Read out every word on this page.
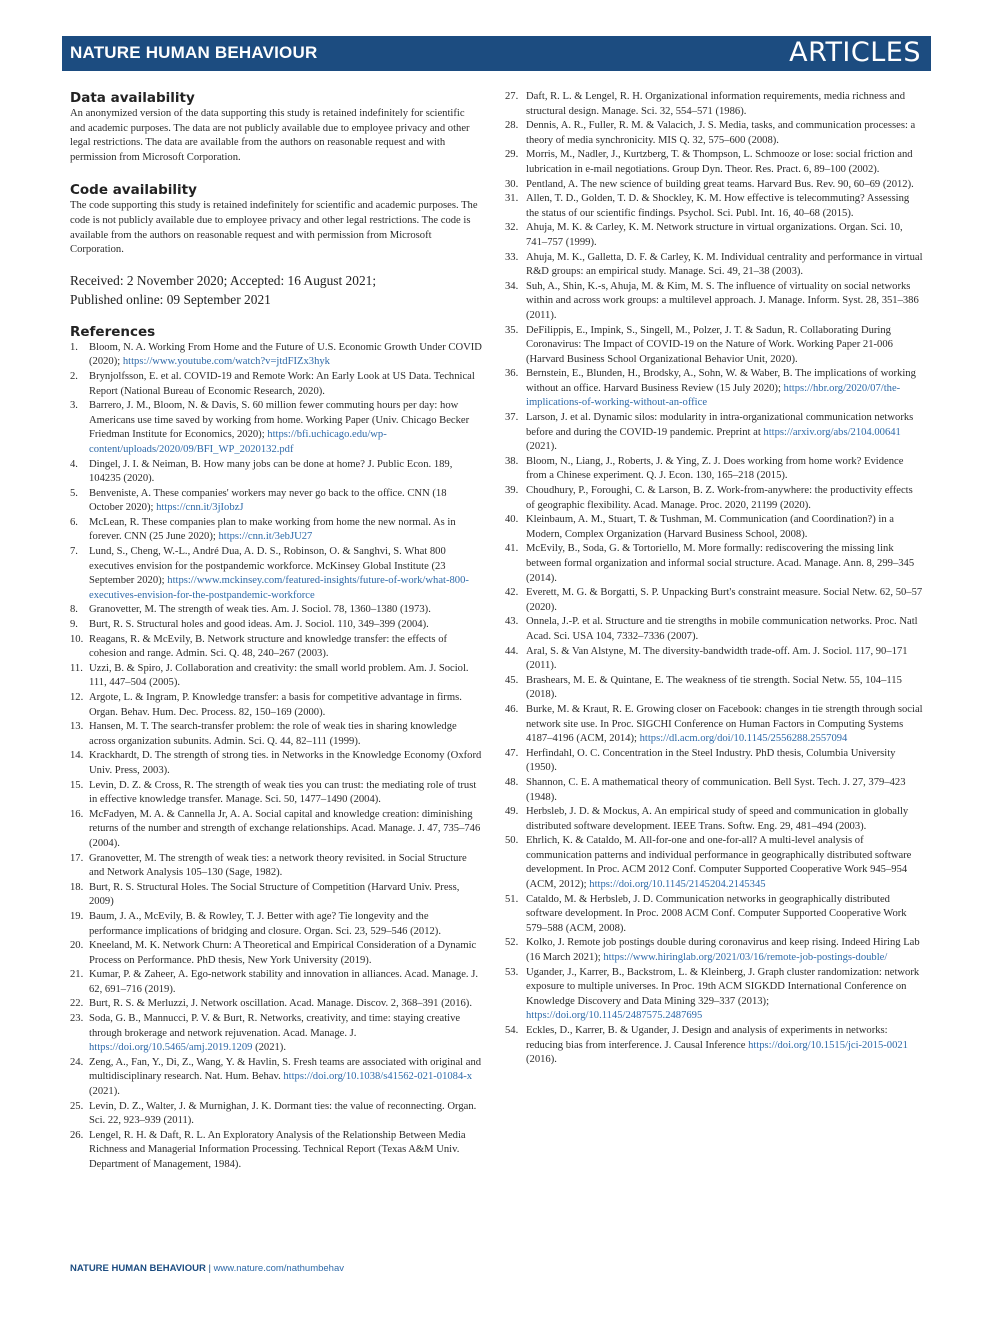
NATURE HUMAN BEHAVIOUR	ARTICLES
Data availability

An anonymized version of the data supporting this study is retained indefinitely for scientific and academic purposes. The data are not publicly available due to employee privacy and other legal restrictions. The data are available from the authors on reasonable request and with permission from Microsoft Corporation.

Code availability

The code supporting this study is retained indefinitely for scientific and academic purposes. The code is not publicly available due to employee privacy and other legal restrictions. The code is available from the authors on reasonable request and with permission from Microsoft Corporation.

Received: 2 November 2020; Accepted: 16 August 2021;

Published online: 09 September 2021

References
1. Bloom, N. A. Working From Home and the Future of U.S. Economic Growth Under COVID (2020); https://www.youtube.com/watch?v=jtdFIZx3hyk
2. Brynjolfsson, E. et al. COVID-19 and Remote Work: An Early Look at US Data. Technical Report (National Bureau of Economic Research, 2020).
3. Barrero, J. M., Bloom, N. & Davis, S. 60 million fewer commuting hours per day: how Americans use time saved by working from home. Working Paper (Univ. Chicago Becker Friedman Institute for Economics, 2020); https://bfi.uchicago.edu/wp-content/uploads/2020/09/BFI_WP_2020132.pdf
4. Dingel, J. I. & Neiman, B. How many jobs can be done at home? J. Public Econ. 189, 104235 (2020).
5. Benveniste, A. These companies' workers may never go back to the office. CNN (18 October 2020); https://cnn.it/3jIobzJ
6. McLean, R. These companies plan to make working from home the new normal. As in forever. CNN (25 June 2020); https://cnn.it/3ebJU27
7. Lund, S., Cheng, W.-L., André Dua, A. D. S., Robinson, O. & Sanghvi, S. What 800 executives envision for the postpandemic workforce. McKinsey Global Institute (23 September 2020); https://www.mckinsey.com/featured-insights/future-of-work/what-800-executives-envision-for-the-postpandemic-workforce
8. Granovetter, M. The strength of weak ties. Am. J. Sociol. 78, 1360–1380 (1973).
9. Burt, R. S. Structural holes and good ideas. Am. J. Sociol. 110, 349–399 (2004).
10. Reagans, R. & McEvily, B. Network structure and knowledge transfer: the effects of cohesion and range. Admin. Sci. Q. 48, 240–267 (2003).
11. Uzzi, B. & Spiro, J. Collaboration and creativity: the small world problem. Am. J. Sociol. 111, 447–504 (2005).
12. Argote, L. & Ingram, P. Knowledge transfer: a basis for competitive advantage in firms. Organ. Behav. Hum. Dec. Process. 82, 150–169 (2000).
13. Hansen, M. T. The search-transfer problem: the role of weak ties in sharing knowledge across organization subunits. Admin. Sci. Q. 44, 82–111 (1999).
14. Krackhardt, D. The strength of strong ties. in Networks in the Knowledge Economy (Oxford Univ. Press, 2003).
15. Levin, D. Z. & Cross, R. The strength of weak ties you can trust: the mediating role of trust in effective knowledge transfer. Manage. Sci. 50, 1477–1490 (2004).
16. McFadyen, M. A. & Cannella Jr, A. A. Social capital and knowledge creation: diminishing returns of the number and strength of exchange relationships. Acad. Manage. J. 47, 735–746 (2004).
17. Granovetter, M. The strength of weak ties: a network theory revisited. in Social Structure and Network Analysis 105–130 (Sage, 1982).
18. Burt, R. S. Structural Holes. The Social Structure of Competition (Harvard Univ. Press, 2009)
19. Baum, J. A., McEvily, B. & Rowley, T. J. Better with age? Tie longevity and the performance implications of bridging and closure. Organ. Sci. 23, 529–546 (2012).
20. Kneeland, M. K. Network Churn: A Theoretical and Empirical Consideration of a Dynamic Process on Performance. PhD thesis, New York University (2019).
21. Kumar, P. & Zaheer, A. Ego-network stability and innovation in alliances. Acad. Manage. J. 62, 691–716 (2019).
22. Burt, R. S. & Merluzzi, J. Network oscillation. Acad. Manage. Discov. 2, 368–391 (2016).
23. Soda, G. B., Mannucci, P. V. & Burt, R. Networks, creativity, and time: staying creative through brokerage and network rejuvenation. Acad. Manage. J. https://doi.org/10.5465/amj.2019.1209 (2021).
24. Zeng, A., Fan, Y., Di, Z., Wang, Y. & Havlin, S. Fresh teams are associated with original and multidisciplinary research. Nat. Hum. Behav. https://doi.org/10.1038/s41562-021-01084-x (2021).
25. Levin, D. Z., Walter, J. & Murnighan, J. K. Dormant ties: the value of reconnecting. Organ. Sci. 22, 923–939 (2011).
26. Lengel, R. H. & Daft, R. L. An Exploratory Analysis of the Relationship Between Media Richness and Managerial Information Processing. Technical Report (Texas A&M Univ. Department of Management, 1984).
27. Daft, R. L. & Lengel, R. H. Organizational information requirements, media richness and structural design. Manage. Sci. 32, 554–571 (1986).
28. Dennis, A. R., Fuller, R. M. & Valacich, J. S. Media, tasks, and communication processes: a theory of media synchronicity. MIS Q. 32, 575–600 (2008).
29. Morris, M., Nadler, J., Kurtzberg, T. & Thompson, L. Schmooze or lose: social friction and lubrication in e-mail negotiations. Group Dyn. Theor. Res. Pract. 6, 89–100 (2002).
30. Pentland, A. The new science of building great teams. Harvard Bus. Rev. 90, 60–69 (2012).
31. Allen, T. D., Golden, T. D. & Shockley, K. M. How effective is telecommuting? Assessing the status of our scientific findings. Psychol. Sci. Publ. Int. 16, 40–68 (2015).
32. Ahuja, M. K. & Carley, K. M. Network structure in virtual organizations. Organ. Sci. 10, 741–757 (1999).
33. Ahuja, M. K., Galletta, D. F. & Carley, K. M. Individual centrality and performance in virtual R&D groups: an empirical study. Manage. Sci. 49, 21–38 (2003).
34. Suh, A., Shin, K.-s, Ahuja, M. & Kim, M. S. The influence of virtuality on social networks within and across work groups: a multilevel approach. J. Manage. Inform. Syst. 28, 351–386 (2011).
35. DeFilippis, E., Impink, S., Singell, M., Polzer, J. T. & Sadun, R. Collaborating During Coronavirus: The Impact of COVID-19 on the Nature of Work. Working Paper 21-006 (Harvard Business School Organizational Behavior Unit, 2020).
36. Bernstein, E., Blunden, H., Brodsky, A., Sohn, W. & Waber, B. The implications of working without an office. Harvard Business Review (15 July 2020); https://hbr.org/2020/07/the-implications-of-working-without-an-office
37. Larson, J. et al. Dynamic silos: modularity in intra-organizational communication networks before and during the COVID-19 pandemic. Preprint at https://arxiv.org/abs/2104.00641 (2021).
38. Bloom, N., Liang, J., Roberts, J. & Ying, Z. J. Does working from home work? Evidence from a Chinese experiment. Q. J. Econ. 130, 165–218 (2015).
39. Choudhury, P., Foroughi, C. & Larson, B. Z. Work-from-anywhere: the productivity effects of geographic flexibility. Acad. Manage. Proc. 2020, 21199 (2020).
40. Kleinbaum, A. M., Stuart, T. & Tushman, M. Communication (and Coordination?) in a Modern, Complex Organization (Harvard Business School, 2008).
41. McEvily, B., Soda, G. & Tortoriello, M. More formally: rediscovering the missing link between formal organization and informal social structure. Acad. Manage. Ann. 8, 299–345 (2014).
42. Everett, M. G. & Borgatti, S. P. Unpacking Burt's constraint measure. Social Netw. 62, 50–57 (2020).
43. Onnela, J.-P. et al. Structure and tie strengths in mobile communication networks. Proc. Natl Acad. Sci. USA 104, 7332–7336 (2007).
44. Aral, S. & Van Alstyne, M. The diversity-bandwidth trade-off. Am. J. Sociol. 117, 90–171 (2011).
45. Brashears, M. E. & Quintane, E. The weakness of tie strength. Social Netw. 55, 104–115 (2018).
46. Burke, M. & Kraut, R. E. Growing closer on Facebook: changes in tie strength through social network site use. In Proc. SIGCHI Conference on Human Factors in Computing Systems 4187–4196 (ACM, 2014); https://dl.acm.org/doi/10.1145/2556288.2557094
47. Herfindahl, O. C. Concentration in the Steel Industry. PhD thesis, Columbia University (1950).
48. Shannon, C. E. A mathematical theory of communication. Bell Syst. Tech. J. 27, 379–423 (1948).
49. Herbsleb, J. D. & Mockus, A. An empirical study of speed and communication in globally distributed software development. IEEE Trans. Softw. Eng. 29, 481–494 (2003).
50. Ehrlich, K. & Cataldo, M. All-for-one and one-for-all? A multi-level analysis of communication patterns and individual performance in geographically distributed software development. In Proc. ACM 2012 Conf. Computer Supported Cooperative Work 945–954 (ACM, 2012); https://doi.org/10.1145/2145204.2145345
51. Cataldo, M. & Herbsleb, J. D. Communication networks in geographically distributed software development. In Proc. 2008 ACM Conf. Computer Supported Cooperative Work 579–588 (ACM, 2008).
52. Kolko, J. Remote job postings double during coronavirus and keep rising. Indeed Hiring Lab (16 March 2021); https://www.hiringlab.org/2021/03/16/remote-job-postings-double/
53. Ugander, J., Karrer, B., Backstrom, L. & Kleinberg, J. Graph cluster randomization: network exposure to multiple universes. In Proc. 19th ACM SIGKDD International Conference on Knowledge Discovery and Data Mining 329–337 (2013); https://doi.org/10.1145/2487575.2487695
54. Eckles, D., Karrer, B. & Ugander, J. Design and analysis of experiments in networks: reducing bias from interference. J. Causal Inference https://doi.org/10.1515/jci-2015-0021 (2016).
NATURE HUMAN BEHAVIOUR | www.nature.com/nathumbehav
